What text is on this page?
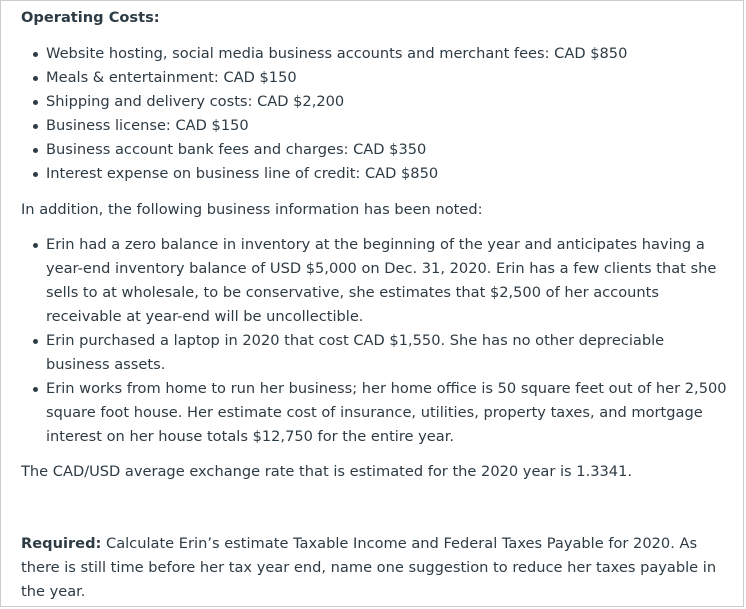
Operating Costs:

Website hosting, social media business accounts and merchant fees: CAD $850
Meals & entertainment: CAD $150
Shipping and delivery costs: CAD $2,200
Business license: CAD $150
Business account bank fees and charges: CAD $350
Interest expense on business line of credit: CAD $850

In addition, the following business information has been noted:

Erin had a zero balance in inventory at the beginning of the year and anticipates having a year-end inventory balance of USD $5,000 on Dec. 31, 2020. Erin has a few clients that she sells to at wholesale, to be conservative, she estimates that $2,500 of her accounts receivable at year-end will be uncollectible.
Erin purchased a laptop in 2020 that cost CAD $1,550. She has no other depreciable business assets.
Erin works from home to run her business; her home office is 50 square feet out of her 2,500 square foot house. Her estimate cost of insurance, utilities, property taxes, and mortgage interest on her house totals $12,750 for the entire year.

The CAD/USD average exchange rate that is estimated for the 2020 year is 1.3341.

Required: Calculate Erin’s estimate Taxable Income and Federal Taxes Payable for 2020. As there is still time before her tax year end, name one suggestion to reduce her taxes payable in the year.
